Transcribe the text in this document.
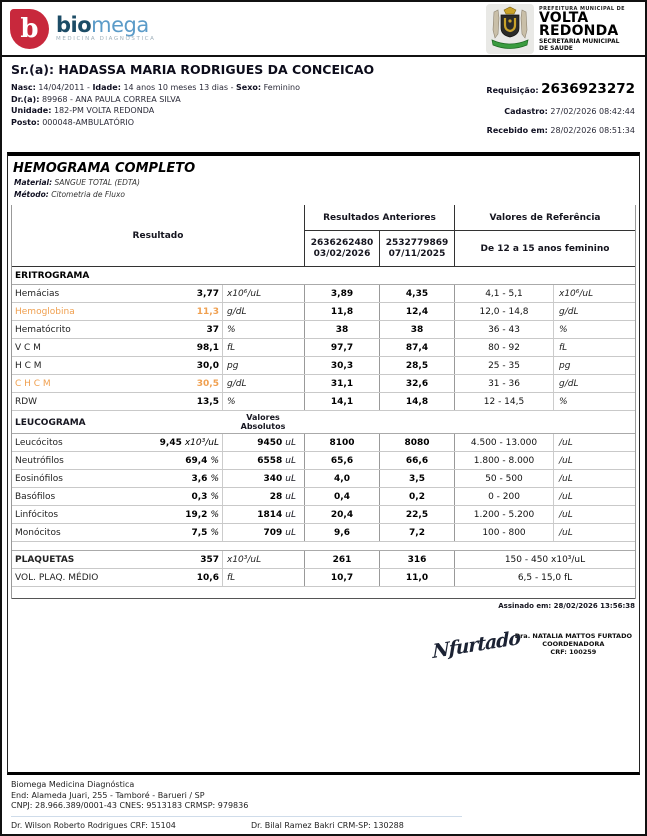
b biomega
MEDICINA DIAGNÓSTICA
PREFEITURA MUNICIPAL DE
VOLTA
REDONDA
SECRETARIA MUNICIPAL
DE SAUDE
Sr.(a): HADASSA MARIA RODRIGUES DA CONCEICAO
Nasc: 14/04/2011 - Idade: 14 anos 10 meses 13 dias - Sexo: Feminino
Dr.(a): 89968 - ANA PAULA CORREA SILVA
Unidade: 182-PM VOLTA REDONDA
Posto: 000048-AMBULATÓRIO
Requisição: 2636923272
Cadastro: 27/02/2026 08:42:44
Recebido em: 28/02/2026 08:51:34
HEMOGRAMA COMPLETO
Material: SANGUE TOTAL (EDTA)
Método: Citometria de Fluxo
Resultado
Resultados Anteriores	Valores de Referência
2636262480
03/02/2026
2532779869
07/11/2025	De 12 a 15 anos feminino
ERITROGRAMA
Hemácias	3,77 x10⁶/uL	3,89	4,35	4,1 - 5,1	x10⁶/uL
Hemoglobina	11,3 g/dL	11,8	12,4	12,0 - 14,8	g/dL
Hematócrito	37 %	38	38	36 - 43	%
V C M	98,1 fL	97,7	87,4	80 - 92	fL
H C M	30,0 pg	30,3	28,5	25 - 35	pg
C H C M	30,5 g/dL	31,1	32,6	31 - 36	g/dL
RDW	13,5 %	14,1	14,8	12 - 14,5	%
LEUCOGRAMA	Valores
Absolutos
Leucócitos	9,45 x10³/uL	9450 uL	8100	8080	4.500 - 13.000	/uL
Neutrófilos	69,4 %	6558 uL	65,6	66,6	1.800 - 8.000	/uL
Eosinófilos	3,6 %	340 uL	4,0	3,5	50 - 500	/uL
Basófilos	0,3 %	28 uL	0,4	0,2	0 - 200	/uL
Linfócitos	19,2 %	1814 uL	20,4	22,5	1.200 - 5.200	/uL
Monócitos	7,5 %	709 uL	9,6	7,2	100 - 800	/uL
PLAQUETAS	357 x10³/uL	261	316	150 - 450 x10³/uL
VOL. PLAQ. MÉDIO	10,6 fL	10,7	11,0	6,5 - 15,0 fL
Assinado em: 28/02/2026 13:56:38
Nfurtado
Dra. NATALIA MATTOS FURTADO
COORDENADORA
CRF: 100259
Biomega Medicina Diagnóstica
End: Alameda Juari, 255 - Tamboré - Barueri / SP
CNPJ: 28.966.389/0001-43 CNES: 9513183 CRMSP: 979836
Dr. Wilson Roberto Rodrigues CRF: 15104	Dr. Bilal Ramez Bakri CRM-SP: 130288
